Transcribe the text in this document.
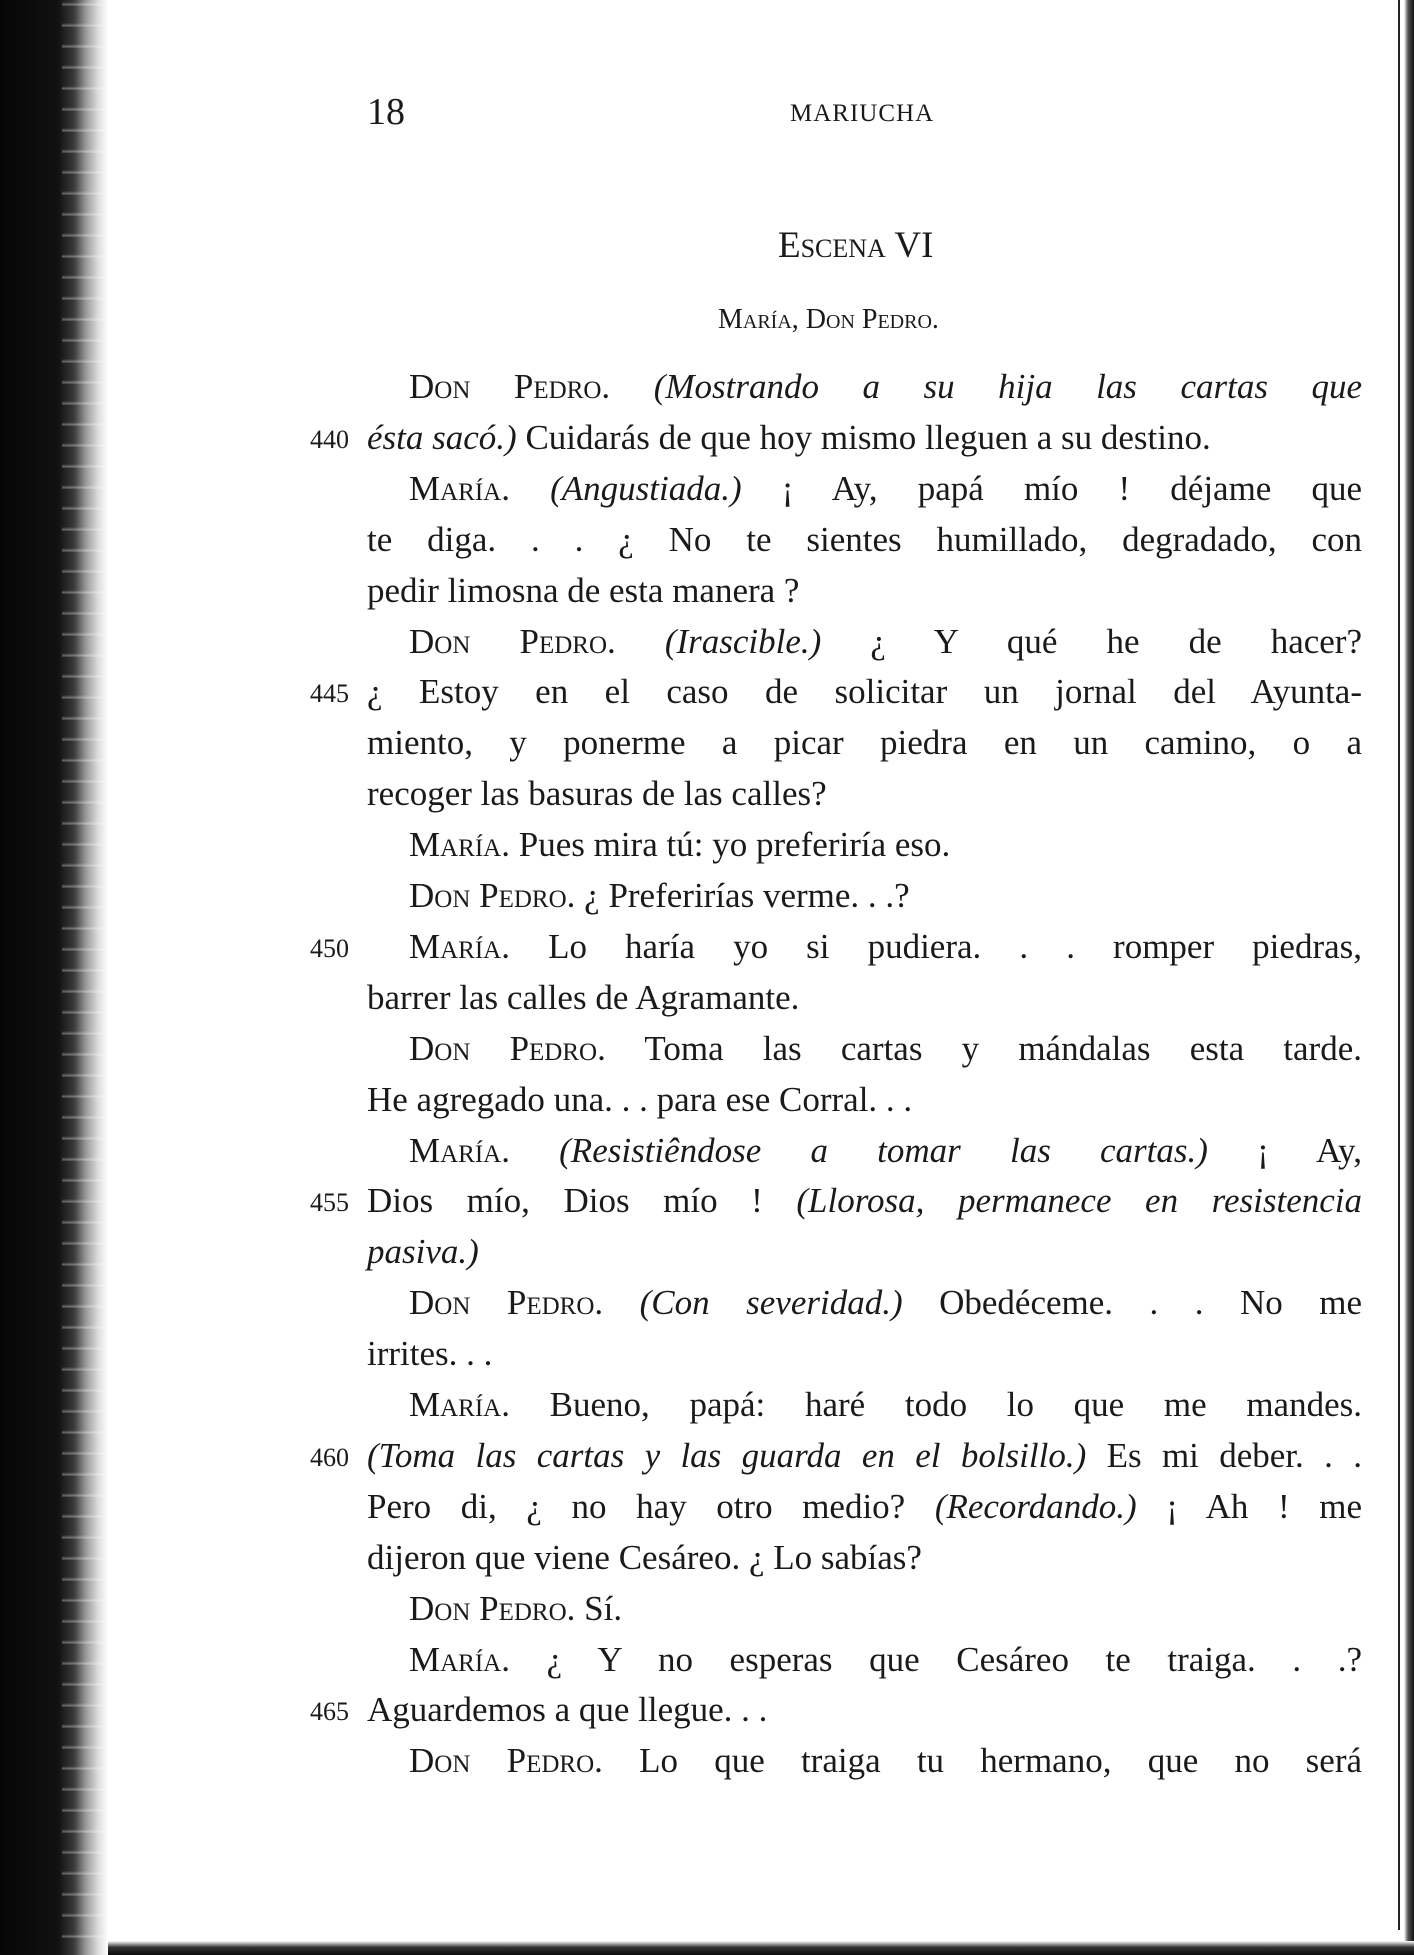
18	MARIUCHA
Escena VI
María, Don Pedro.
Don Pedro. (Mostrando a su hija las cartas que
ésta sacó.) Cuidarás de que hoy mismo lleguen a su destino.
María. (Angustiada.) ¡ Ay, papá mío ! déjame que
te diga. . . ¿ No te sientes humillado, degradado, con
pedir limosna de esta manera ?
Don Pedro. (Irascible.) ¿ Y qué he de hacer?
¿ Estoy en el caso de solicitar un jornal del Ayunta-
miento, y ponerme a picar piedra en un camino, o a
recoger las basuras de las calles?
María. Pues mira tú: yo preferiría eso.
Don Pedro. ¿ Preferirías verme. . .?
María. Lo haría yo si pudiera. . . romper piedras,
barrer las calles de Agramante.
Don Pedro. Toma las cartas y mándalas esta tarde.
He agregado una. . . para ese Corral. . .
María. (Resistiêndose a tomar las cartas.) ¡ Ay,
Dios mío, Dios mío ! (Llorosa, permanece en resistencia
pasiva.)
Don Pedro. (Con severidad.) Obedéceme. . . No me
irrites. . .
María. Bueno, papá: haré todo lo que me mandes.
(Toma las cartas y las guarda en el bolsillo.) Es mi deber. . .
Pero di, ¿ no hay otro medio? (Recordando.) ¡ Ah ! me
dijeron que viene Cesáreo. ¿ Lo sabías?
Don Pedro. Sí.
María. ¿ Y no esperas que Cesáreo te traiga. . .?
Aguardemos a que llegue. . .
Don Pedro. Lo que traiga tu hermano, que no será
440
445
450
455
460
465
